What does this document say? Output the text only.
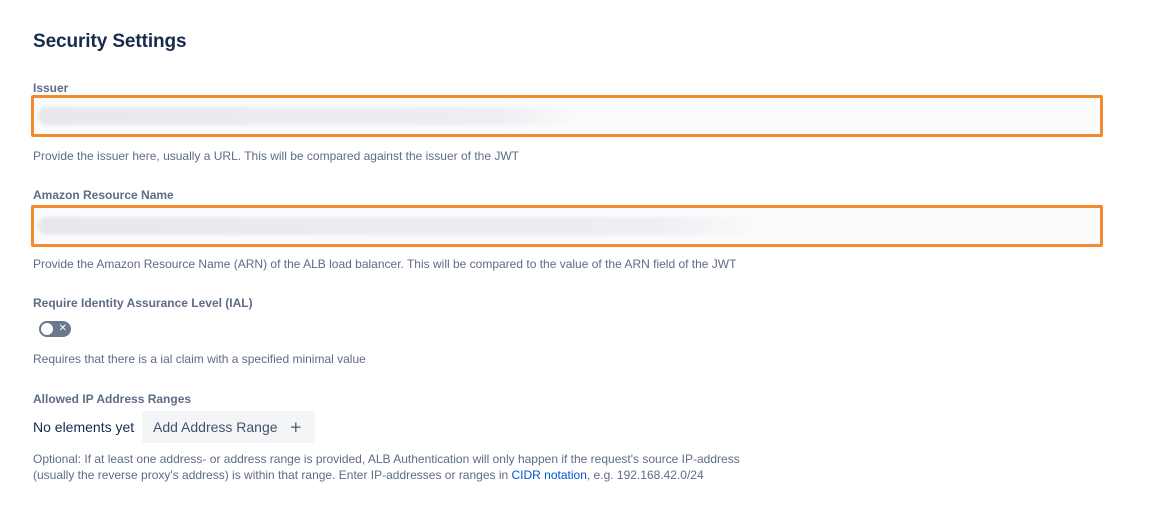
Security Settings
Issuer
Provide the issuer here, usually a URL. This will be compared against the issuer of the JWT
Amazon Resource Name
Provide the Amazon Resource Name (ARN) of the ALB load balancer. This will be compared to the value of the ARN field of the JWT
Require Identity Assurance Level (IAL)
✕
Requires that there is a ial claim with a specified minimal value
Allowed IP Address Ranges
No elements yet Add Address Range +
Optional: If at least one address- or address range is provided, ALB Authentication will only happen if the request's source IP-address
(usually the reverse proxy's address) is within that range. Enter IP-addresses or ranges in CIDR notation, e.g. 192.168.42.0/24
